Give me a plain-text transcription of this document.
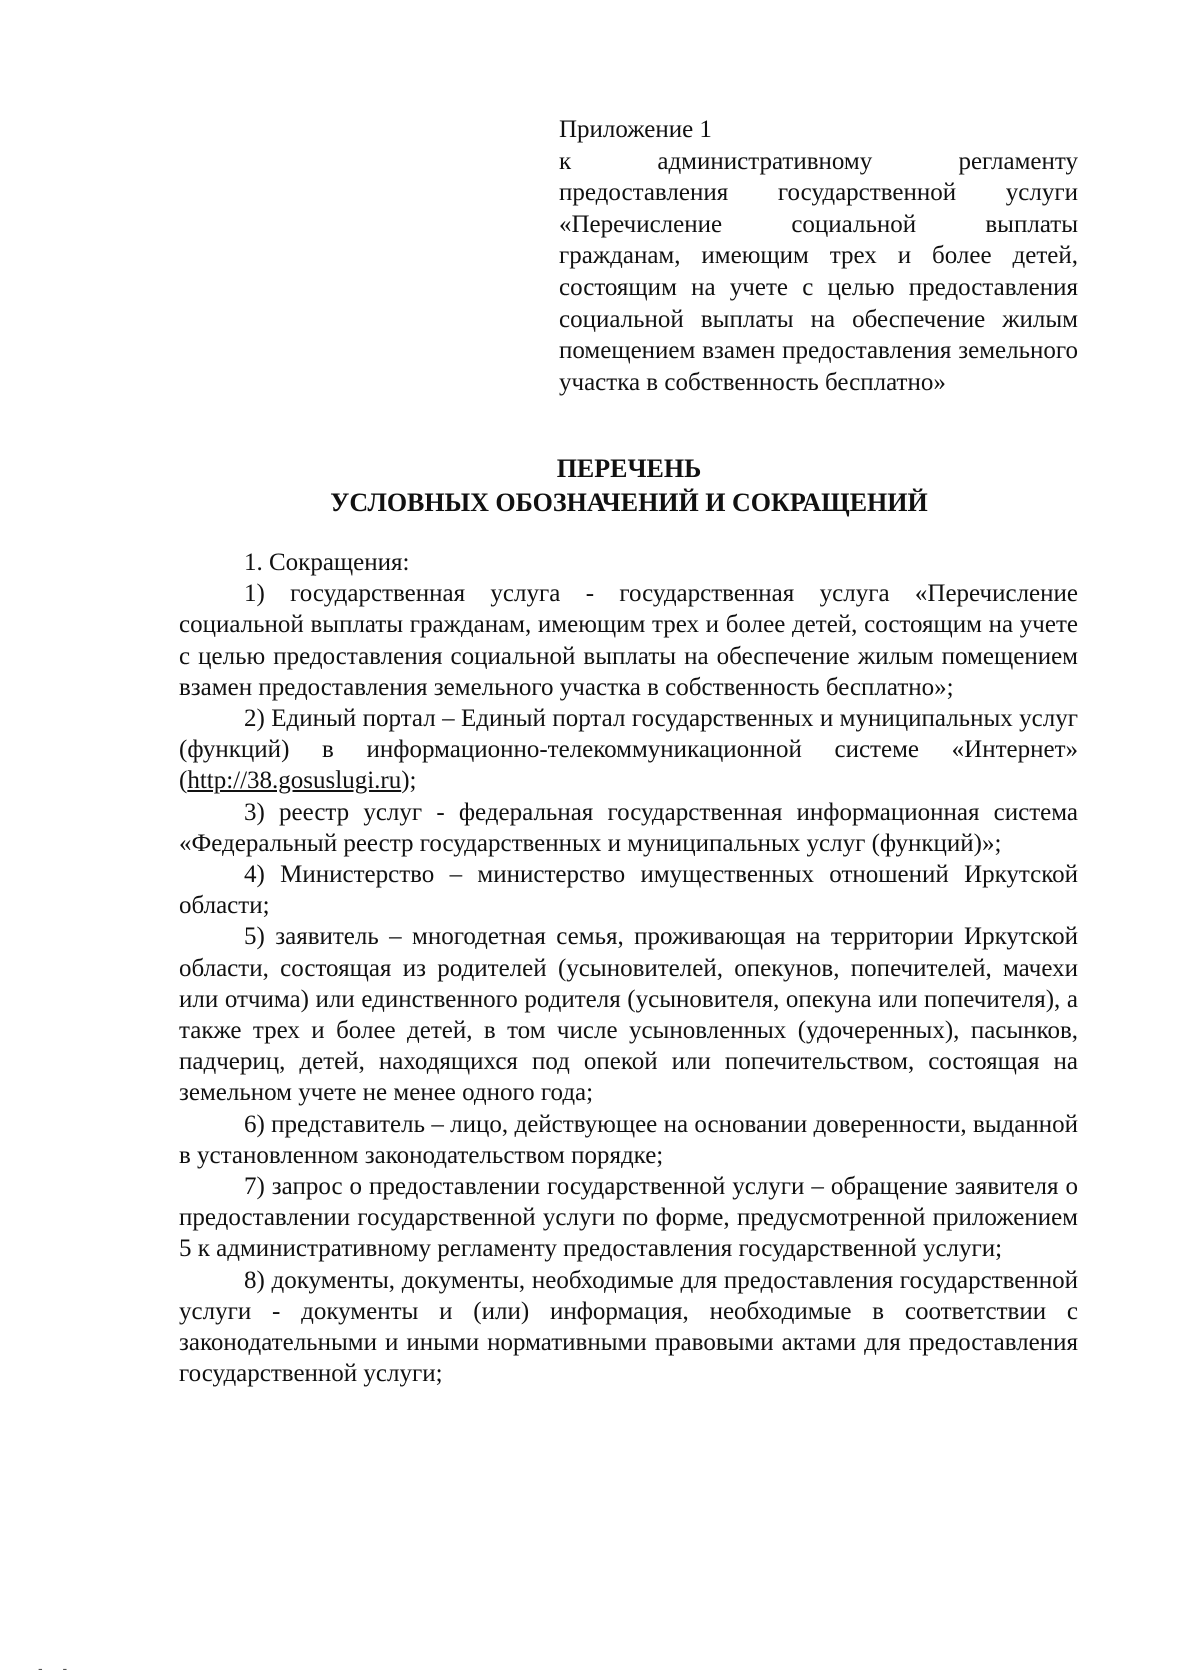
Приложение 1
к административному регламенту предоставления государственной услуги «Перечисление социальной выплаты гражданам, имеющим трех и более детей, состоящим на учете с целью предоставления социальной выплаты на обеспечение жилым помещением взамен предоставления земельного участка в собственность бесплатно»
ПЕРЕЧЕНЬ
УСЛОВНЫХ ОБОЗНАЧЕНИЙ И СОКРАЩЕНИЙ

1. Сокращения:

1) государственная услуга - государственная услуга «Перечисление социальной выплаты гражданам, имеющим трех и более детей, состоящим на учете с целью предоставления социальной выплаты на обеспечение жилым помещением взамен предоставления земельного участка в собственность бесплатно»;

2) Единый портал – Единый портал государственных и муниципальных услуг (функций) в информационно-телекоммуникационной системе «Интернет» (http://38.gosuslugi.ru);

3) реестр услуг - федеральная государственная информационная система «Федеральный реестр государственных и муниципальных услуг (функций)»;

4) Министерство – министерство имущественных отношений Иркутской области;

5) заявитель – многодетная семья, проживающая на территории Иркутской области, состоящая из родителей (усыновителей, опекунов, попечителей, мачехи или отчима) или единственного родителя (усыновителя, опекуна или попечителя), а также трех и более детей, в том числе усыновленных (удочеренных), пасынков, падчериц, детей, находящихся под опекой или попечительством, состоящая на земельном учете не менее одного года;

6) представитель – лицо, действующее на основании доверенности, выданной в установленном законодательством порядке;

7) запрос о предоставлении государственной услуги – обращение заявителя о предоставлении государственной услуги по форме, предусмотренной приложением 5 к административному регламенту предоставления государственной услуги;

8) документы, документы, необходимые для предоставления государственной услуги - документы и (или) информация, необходимые в соответствии с законодательными и иными нормативными правовыми актами для предоставления государственной услуги;

- -
